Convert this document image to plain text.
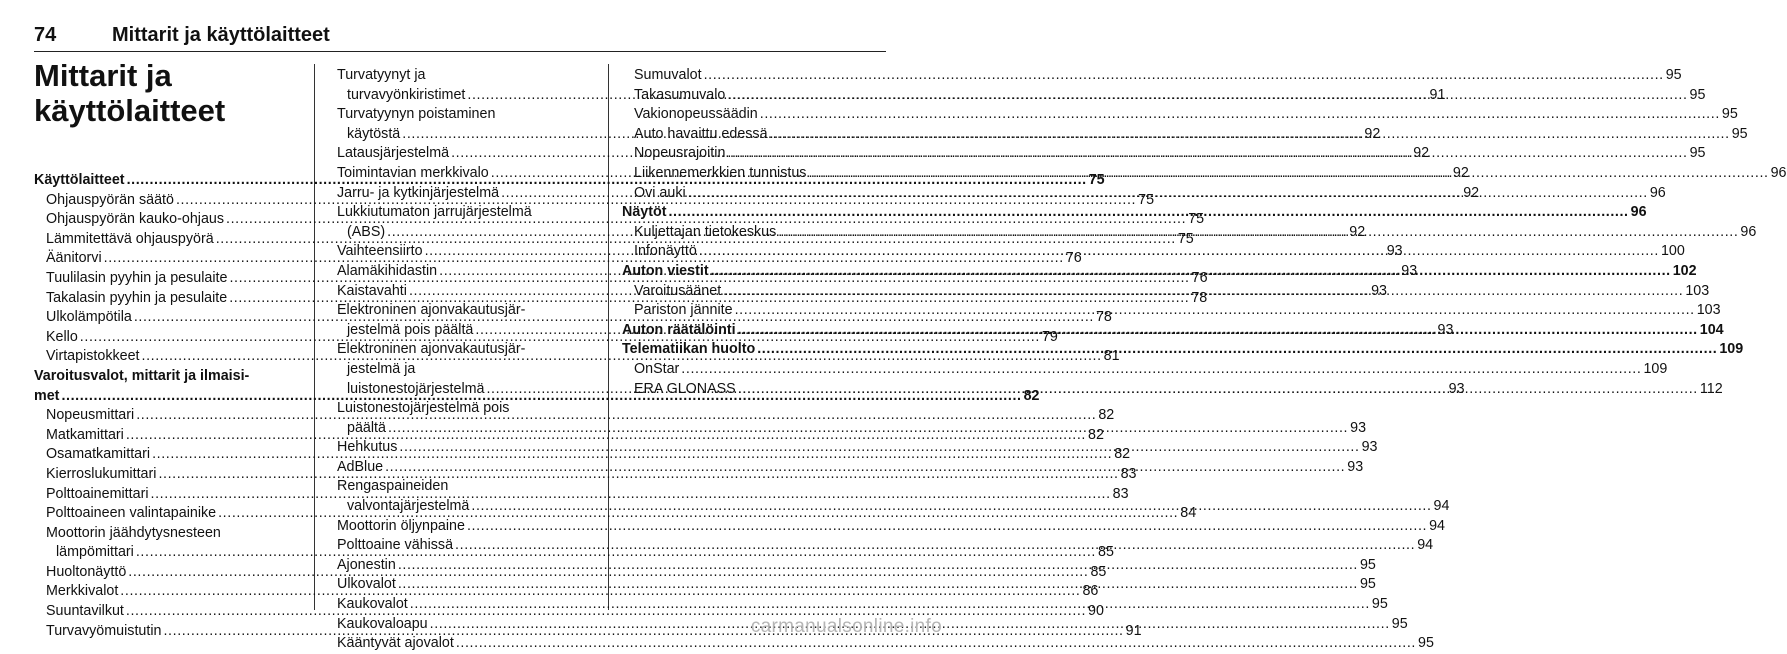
74	Mittarit ja käyttölaitteet
Mittarit ja
käyttölaitteet
Käyttölaitteet .....	75
Ohjauspyörän säätö .....	75
Ohjauspyörän kauko-ohjaus .....	75
Lämmitettävä ohjauspyörä .....	75
Äänitorvi .....	76
Tuulilasin pyyhin ja pesulaite .....	76
Takalasin pyyhin ja pesulaite .....	78
Ulkolämpötila .....	78
Kello .....	79
Virtapistokkeet .....	81
Varoitusvalot, mittarit ja ilmaisi-
met .....	82
Nopeusmittari .....	82
Matkamittari .....	82
Osamatkamittari .....	82
Kierroslukumittari .....	83
Polttoainemittari .....	83
Polttoaineen valintapainike .....	84
Moottorin jäähdytysnesteen
lämpömittari .....	85
Huoltonäyttö .....	85
Merkkivalot .....	86
Suuntavilkut .....	90
Turvavyömuistutin .....	91
Turvatyynyt ja
turvavyönkiristimet .....	91
Turvatyynyn poistaminen
käytöstä .....	92
Latausjärjestelmä .....	92
Toimintavian merkkivalo .....	92
Jarru- ja kytkinjärjestelmä .....	92
Lukkiutumaton jarrujärjestelmä
(ABS) .....	92
Vaihteensiirto .....	93
Alamäkihidastin .....	93
Kaistavahti .....	93
Elektroninen ajonvakautusjär-
jestelmä pois päältä .....	93
Elektroninen ajonvakautusjär-
jestelmä ja
luistonestojärjestelmä .....	93
Luistonestojärjestelmä pois
päältä .....	93
Hehkutus .....	93
AdBlue .....	93
Rengaspaineiden
valvontajärjestelmä .....	94
Moottorin öljynpaine .....	94
Polttoaine vähissä .....	94
Ajonestin .....	95
Ulkovalot .....	95
Kaukovalot .....	95
Kaukovaloapu .....	95
Kääntyvät ajovalot .....	95
Sumuvalot .....	95
Takasumuvalo .....	95
Vakionopeussäädin .....	95
Auto havaittu edessä .....	95
Nopeusrajoitin .....	95
Liikennemerkkien tunnistus .....	96
Ovi auki .....	96
Näytöt .....	96
Kuljettajan tietokeskus .....	96
Infonäyttö .....	100
Auton viestit .....	102
Varoitusäänet .....	103
Pariston jännite .....	103
Auton räätälöinti .....	104
Telematiikan huolto .....	109
OnStar .....	109
ERA GLONASS .....	112
carmanualsonline.info
